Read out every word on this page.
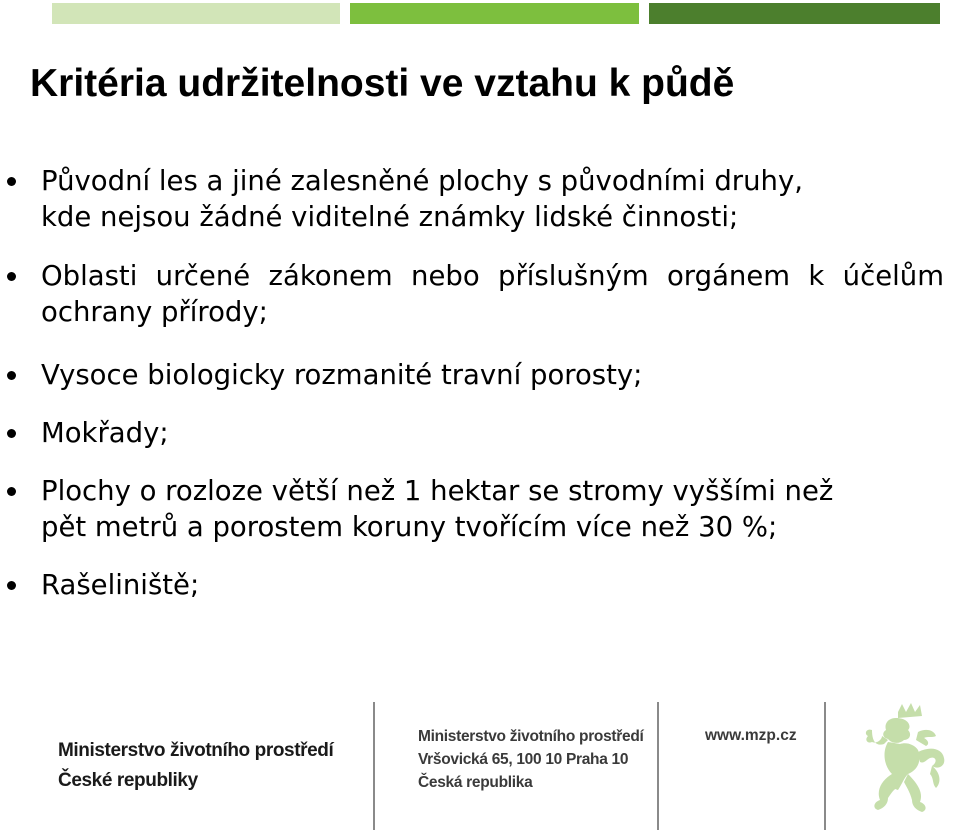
Kritéria udržitelnosti ve vztahu k půdě

Původní les a jiné zalesněné plochy s původními druhy,
kde nejsou žádné viditelné známky lidské činnosti;

Oblasti určené zákonem nebo příslušným orgánem k účelům ochrany přírody;

Vysoce biologicky rozmanité travní porosty;

Mokřady;

Plochy o rozloze větší než 1 hektar se stromy vyššími než
pět metrů a porostem koruny tvořícím více než 30 %;

Rašeliniště;

Ministerstvo životního prostředí
České republiky
Ministerstvo životního prostředí
Vršovická 65, 100 10 Praha 10
Česká republika
www.mzp.cz
